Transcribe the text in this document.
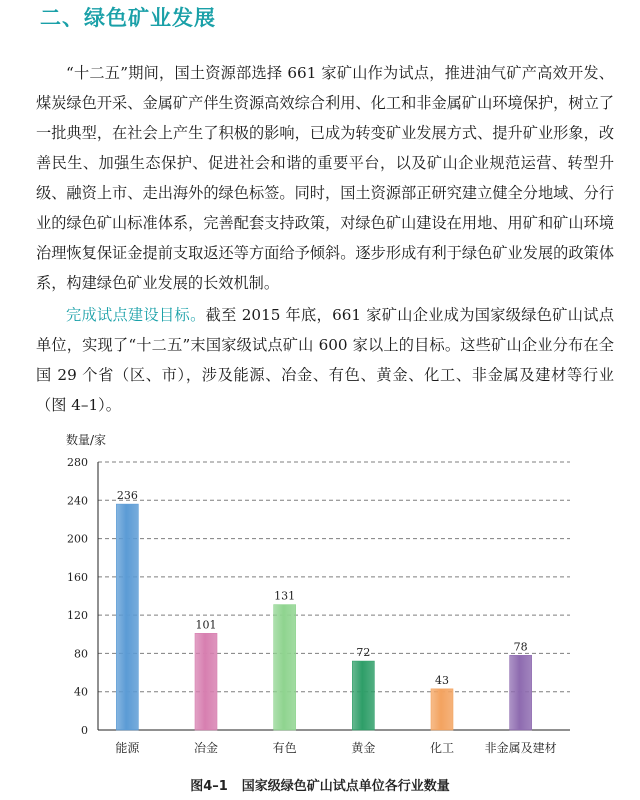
二、绿色矿业发展

“十二五”期间，国土资源部选择 661 家矿山作为试点，推进油气矿产高效开发、煤炭绿色开采、金属矿产伴生资源高效综合利用、化工和非金属矿山环境保护，树立了一批典型，在社会上产生了积极的影响，已成为转变矿业发展方式、提升矿业形象，改善民生、加强生态保护、促进社会和谐的重要平台，以及矿山企业规范运营、转型升级、融资上市、走出海外的绿色标签。同时，国土资源部正研究建立健全分地域、分行业的绿色矿山标准体系，完善配套支持政策，对绿色矿山建设在用地、用矿和矿山环境治理恢复保证金提前支取返还等方面给予倾斜。逐步形成有利于绿色矿业发展的政策体系，构建绿色矿业发展的长效机制。

完成试点建设目标。截至 2015 年底，661 家矿山企业成为国家级绿色矿山试点单位，实现了“十二五”末国家级试点矿山 600 家以上的目标。这些矿山企业分布在全国 29 个省（区、市），涉及能源、冶金、有色、黄金、化工、非金属及建材等行业（图 4–1）。

数量/家
0
40
80
120
160
200
240
280
236
能源
101
冶金
131
有色
72
黄金
43
化工
78
非金属及建材
图4–1 国家级绿色矿山试点单位各行业数量
